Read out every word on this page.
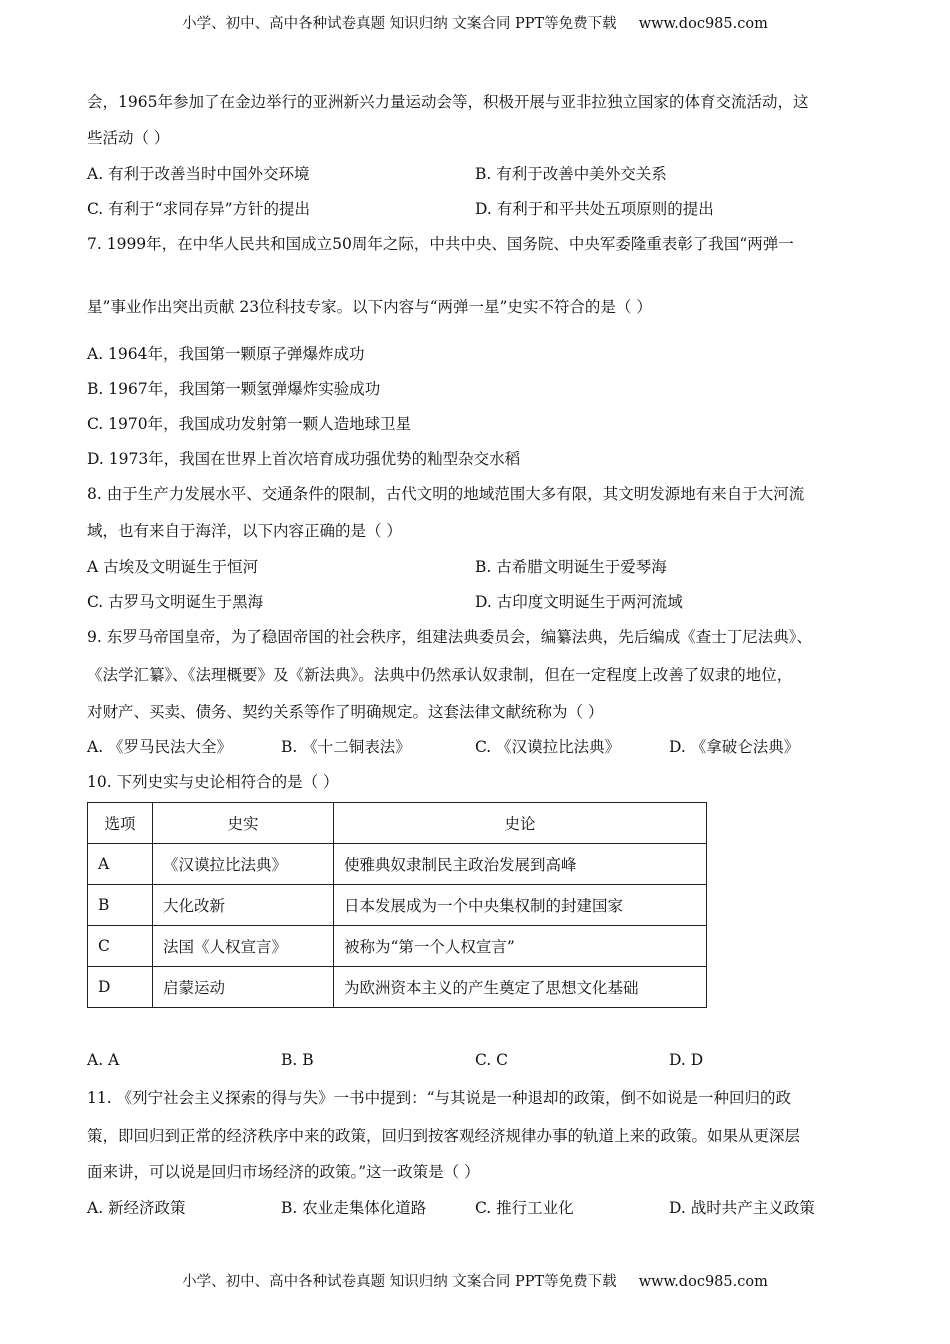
小学、初中、高中各种试卷真题 知识归纳 文案合同 PPT等免费下载 www.doc985.com
会，1965年参加了在金边举行的亚洲新兴力量运动会等，积极开展与亚非拉独立国家的体育交流活动，这
些活动（ ）
A. 有利于改善当时中国外交环境	B. 有利于改善中美外交关系
C. 有利于“求同存异”方针的提出	D. 有利于和平共处五项原则的提出
7. 1999年，在中华人民共和国成立50周年之际，中共中央、国务院、中央军委隆重表彰了我国“两弹一
星”事业作出突出贡献 23位科技专家。以下内容与“两弹一星”史实不符合的是（ ）
A. 1964年，我国第一颗原子弹爆炸成功
B. 1967年，我国第一颗氢弹爆炸实验成功
C. 1970年，我国成功发射第一颗人造地球卫星
D. 1973年，我国在世界上首次培育成功强优势的籼型杂交水稻
8. 由于生产力发展水平、交通条件的限制，古代文明的地域范围大多有限，其文明发源地有来自于大河流
域，也有来自于海洋，以下内容正确的是（ ）
A 古埃及文明诞生于恒河	B. 古希腊文明诞生于爱琴海
C. 古罗马文明诞生于黑海	D. 古印度文明诞生于两河流域
9. 东罗马帝国皇帝，为了稳固帝国的社会秩序，组建法典委员会，编纂法典，先后编成《查士丁尼法典》、
《法学汇纂》、《法理概要》及《新法典》。法典中仍然承认奴隶制，但在一定程度上改善了奴隶的地位，
对财产、买卖、债务、契约关系等作了明确规定。这套法律文献统称为（ ）
A. 《罗马民法大全》	B. 《十二铜表法》	C. 《汉谟拉比法典》	D. 《拿破仑法典》
10. 下列史实与史论相符合的是（ ）
选项	史实	史论
A	《汉谟拉比法典》	使雅典奴隶制民主政治发展到高峰
B	大化改新	日本发展成为一个中央集权制的封建国家
C	法国《人权宣言》	被称为“第一个人权宣言”
D	启蒙运动	为欧洲资本主义的产生奠定了思想文化基础
A. A	B. B	C. C	D. D
11. 《列宁社会主义探索的得与失》一书中提到：“与其说是一种退却的政策，倒不如说是一种回归的政
策，即回归到正常的经济秩序中来的政策，回归到按客观经济规律办事的轨道上来的政策。如果从更深层
面来讲，可以说是回归市场经济的政策。”这一政策是（ ）
A. 新经济政策	B. 农业走集体化道路	C. 推行工业化	D. 战时共产主义政策
小学、初中、高中各种试卷真题 知识归纳 文案合同 PPT等免费下载 www.doc985.com
